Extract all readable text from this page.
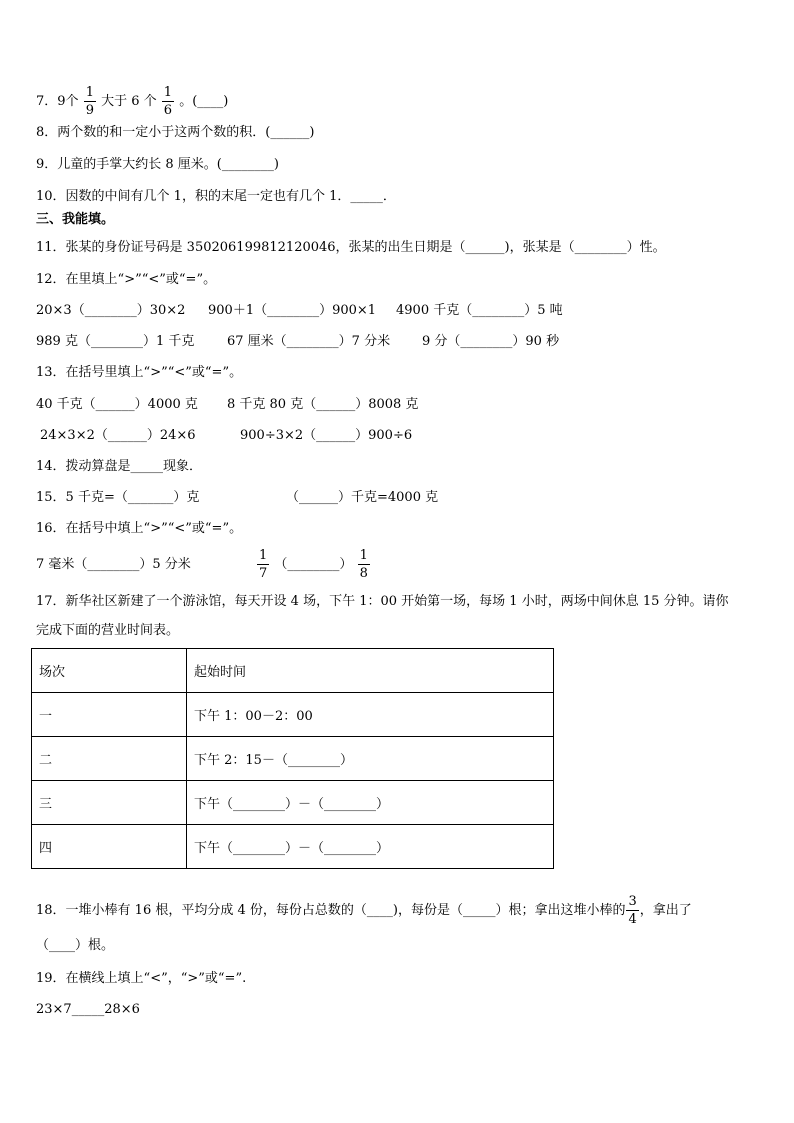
7．9个 $\frac{1}{9}$ 大于 6 个 $\frac{1}{6}$ 。(____)
8．两个数的和一定小于这两个数的积．(______)
9．儿童的手掌大约长 8 厘米。(________)
10．因数的中间有几个 1，积的末尾一定也有几个 1．_____．
三、我能填。
11．张某的身份证号码是 350206199812120046，张某的出生日期是（______)，张某是（________）性。
12．在里填上“>”“<”或“=”。
20×3（________）30×2 900＋1（________）900×1 4900 千克（________）5 吨
989 克（________）1 千克	67 厘米（________）7 分米 9 分（________）90 秒
13．在括号里填上“>”“<”或“=”。
40 千克（______）4000 克 8 千克 80 克（______）8008 克
24×3×2（______）24×6	900÷3×2（______）900÷6
14．拨动算盘是_____现象．
15．5 千克=（_______）克	（______）千克=4000 克
16．在括号中填上“>”“<”或“=”。
7 毫米（________）5 分米	$\frac{1}{7}$ （________） $\frac{1}{8}$
17．新华社区新建了一个游泳馆，每天开设 4 场，下午 1：00 开始第一场，每场 1 小时，两场中间休息 15 分钟。请你
完成下面的营业时间表。
场次	起始时间
一	下午 1：00－2：00
二	下午 2：15－（________）
三	下午（________）－（________）
四	下午（________）－（________）
18．一堆小棒有 16 根，平均分成 4 份，每份占总数的（____)，每份是（_____）根；拿出这堆小棒的 $\frac{3}{4}$ ，拿出了
（____）根。
19．在横线上填上“<”，“>”或“=”.
23×7_____28×6
